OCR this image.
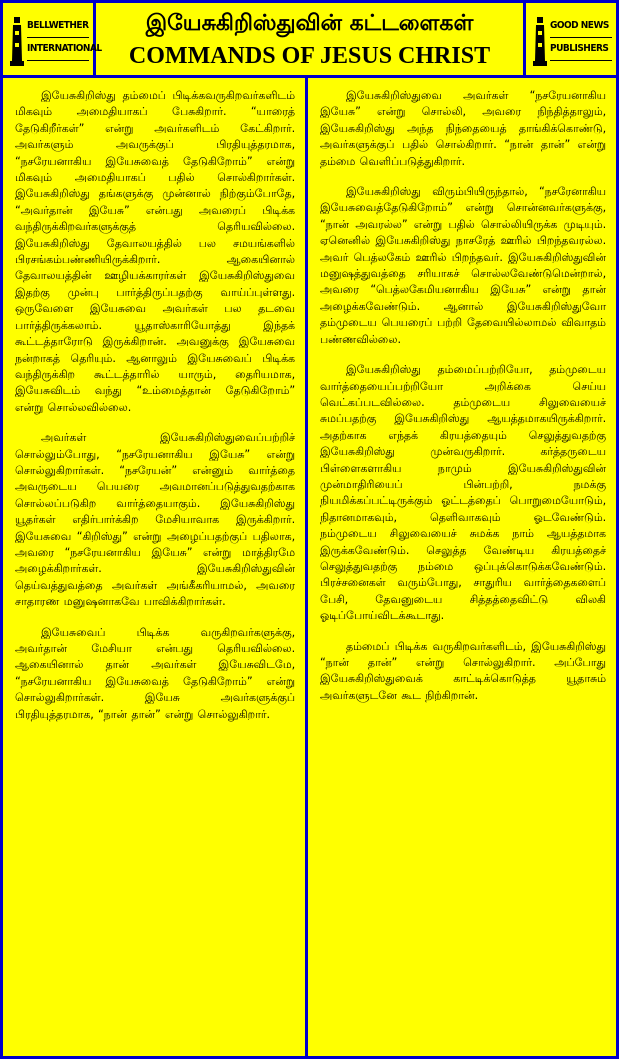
BELLWETHER
INTERNATIONAL
இயேசுகிறிஸ்துவின் கட்டளைகள்
COMMANDS OF JESUS CHRIST
GOOD NEWS
PUBLISHERS

இயேசுகிறிஸ்து தம்மைப் பிடிக்கவருகிறவர்களிடம் மிகவும் அமைதியாகப் பேசுகிறார். “யாரைத் தேடுகிறீர்கள்” என்று அவர்களிடம் கேட்கிறார். அவர்களும் அவருக்குப் பிரதியுத்தரமாக, “நசரேயனாகிய இயேசுவைத் தேடுகிறோம்” என்று மிகவும் அமைதியாகப் பதில் சொல்கிறார்கள். இயேசுகிறிஸ்து தங்களுக்கு முன்னால் நிற்கும்போதே, “அவர்தான் இயேசு” என்பது அவரைப் பிடிக்க வந்திருக்கிறவர்களுக்குத் தெரியவில்லை. இயேசுகிறிஸ்து தேவாலயத்தில் பல சமயங்களில் பிரசங்கம்பண்ணியிருக்கிறார். ஆகையினால் தேவாலயத்தின் ஊழியக்காரர்கள் இயேசுகிறிஸ்துவை இதற்கு முன்பு பார்த்திருப்பதற்கு வாய்ப்புள்ளது. ஒருவேளை இயேசுவை அவர்கள் பல தடவை பார்த்திருக்கலாம். யூதாஸ்காரியோத்து இந்தக் கூட்டத்தாரோடு இருக்கிறான். அவனுக்கு இயேசுவை நன்றாகத் தெரியும். ஆனாலும் இயேசுவைப் பிடிக்க வந்திருக்கிற கூட்டத்தாரில் யாரும், தைரியமாக, இயேசுவிடம் வந்து “உம்மைத்தான் தேடுகிறோம்” என்று சொல்லவில்லை.

அவர்கள் இயேசுகிறிஸ்துவைப்பற்றிச் சொல்லும்போது, “நசரேயனாகிய இயேசு” என்று சொல்லுகிறார்கள். “நசரேயன்” என்னும் வார்த்தை அவருடைய பெயரை அவமானப்படுத்துவதற்காக சொல்லப்படுகிற வார்த்தையாகும். இயேசுகிறிஸ்து யூதர்கள் எதிர்பார்க்கிற மேசியாவாக இருக்கிறார். இயேசுவை “கிறிஸ்து” என்று அழைப்பதற்குப் பதிலாக, அவரை “நசரேயனாகிய இயேசு” என்று மாத்திரமே அழைக்கிறார்கள். இயேசுகிறிஸ்துவின் தெய்வத்துவத்தை அவர்கள் அங்கீகரியாமல், அவரை சாதாரண மனுஷனாகவே பாவிக்கிறார்கள்.

இயேசுவைப் பிடிக்க வருகிறவர்களுக்கு, அவர்தான் மேசியா என்பது தெரியவில்லை. ஆகையினால் தான் அவர்கள் இயேசுவிடமே, “நசரேயனாகிய இயேசுவைத் தேடுகிறோம்” என்று சொல்லுகிறார்கள். இயேசு அவர்களுக்குப் பிரதியுத்தரமாக, “நான் தான்” என்று சொல்லுகிறார்.

இயேசுகிறிஸ்துவை அவர்கள் “நசரேயனாகிய இயேசு” என்று சொல்லி, அவரை நிந்தித்தாலும், இயேசுகிறிஸ்து அந்த நிந்தையைத் தாங்கிக்கொண்டு, அவர்களுக்குப் பதில் சொல்கிறார். “நான் தான்” என்று தம்மை வெளிப்படுத்துகிறார்.

இயேசுகிறிஸ்து விரும்பியிருந்தால், “நசரேனாகிய இயேசுவைத்தேடுகிறோம்” என்று சொன்னவர்களுக்கு, “நான் அவரல்ல” என்று பதில் சொல்லியிருக்க முடியும். ஏனெனில் இயேசுகிறிஸ்து நாசரேத் ஊரில் பிறந்தவரல்ல. அவர் பெத்லகேம் ஊரில் பிறந்தவர். இயேசுகிறிஸ்துவின் மனுஷத்துவத்தை சரியாகச் சொல்லவேண்டுமென்றால், அவரை “பெத்லகேமியனாகிய இயேசு” என்று தான் அழைக்கவேண்டும். ஆனால் இயேசுகிறிஸ்துவோ தம்முடைய பெயரைப் பற்றி தேவையில்லாமல் விவாதம் பண்ணவில்லை.

இயேசுகிறிஸ்து தம்மைப்பற்றியோ, தம்முடைய வார்த்தையைப்பற்றியோ அறிக்கை செய்ய வெட்கப்படவில்லை. தம்முடைய சிலுவையைச் சுமப்பதற்கு இயேசுகிறிஸ்து ஆயத்தமாகயிருக்கிறார். அதற்காக எந்தக் கிரயத்தையும் செலுத்துவதற்கு இயேசுகிறிஸ்து முன்வருகிறார். கர்த்தருடைய பிள்ளைகளாகிய நாமும் இயேசுகிறிஸ்துவின் முன்மாதிரியைப் பின்பற்றி, நமக்கு நியமிக்கப்பட்டிருக்கும் ஓட்டத்தைப் பொறுமையோடும், நிதானமாகவும், தெளிவாகவும் ஓடவேண்டும். நம்முடைய சிலுவையைச் சுமக்க நாம் ஆயத்தமாக இருக்கவேண்டும். செலுத்த வேண்டிய கிரயத்தைச் செலுத்துவதற்கு நம்மை ஒப்புக்கொடுக்கவேண்டும். பிரச்சனைகள் வரும்போது, சாதுரிய வார்த்தைகளைப் பேசி, தேவனுடைய சித்தத்தைவிட்டு விலகி ஓடிப்போய்விடக்கூடாது.

தம்மைப் பிடிக்க வருகிறவர்களிடம், இயேசுகிறிஸ்து “நான் தான்” என்று சொல்லுகிறார். அப்போது இயேசுகிறிஸ்துவைக் காட்டிக்கொடுத்த யூதாசும் அவர்களுடனே கூட நிற்கிறான்.
